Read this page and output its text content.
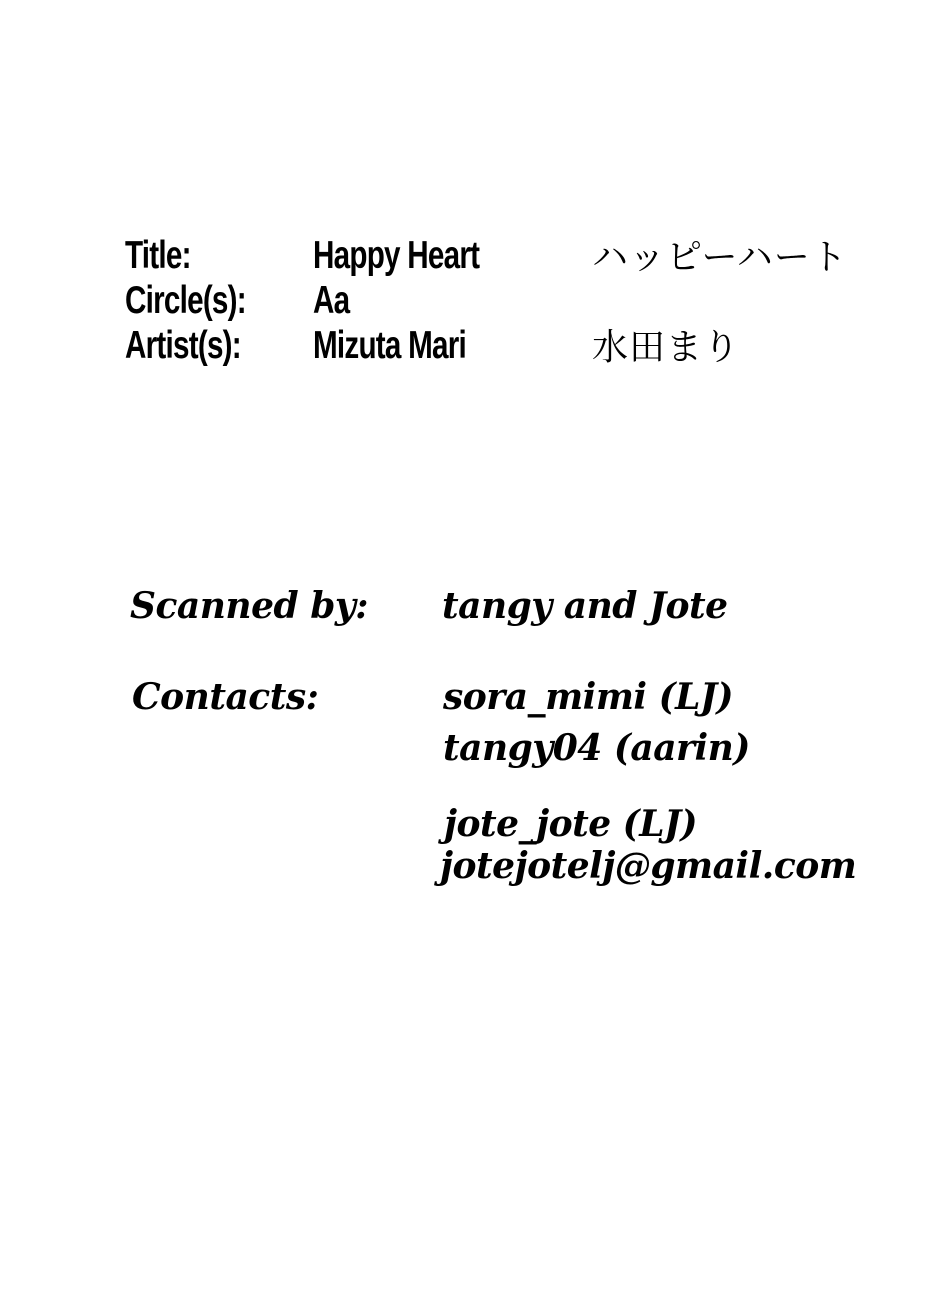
Title:	Happy Heart	ハッピーハート
Circle(s): Aa
Artist(s): Mizuta Mari	水田まり
Scanned by: tangy and Jote
Contacts:	sora_mimi (LJ)
tangy04 (aarin)
jote_jote (LJ)
jotejotelj@gmail.com
